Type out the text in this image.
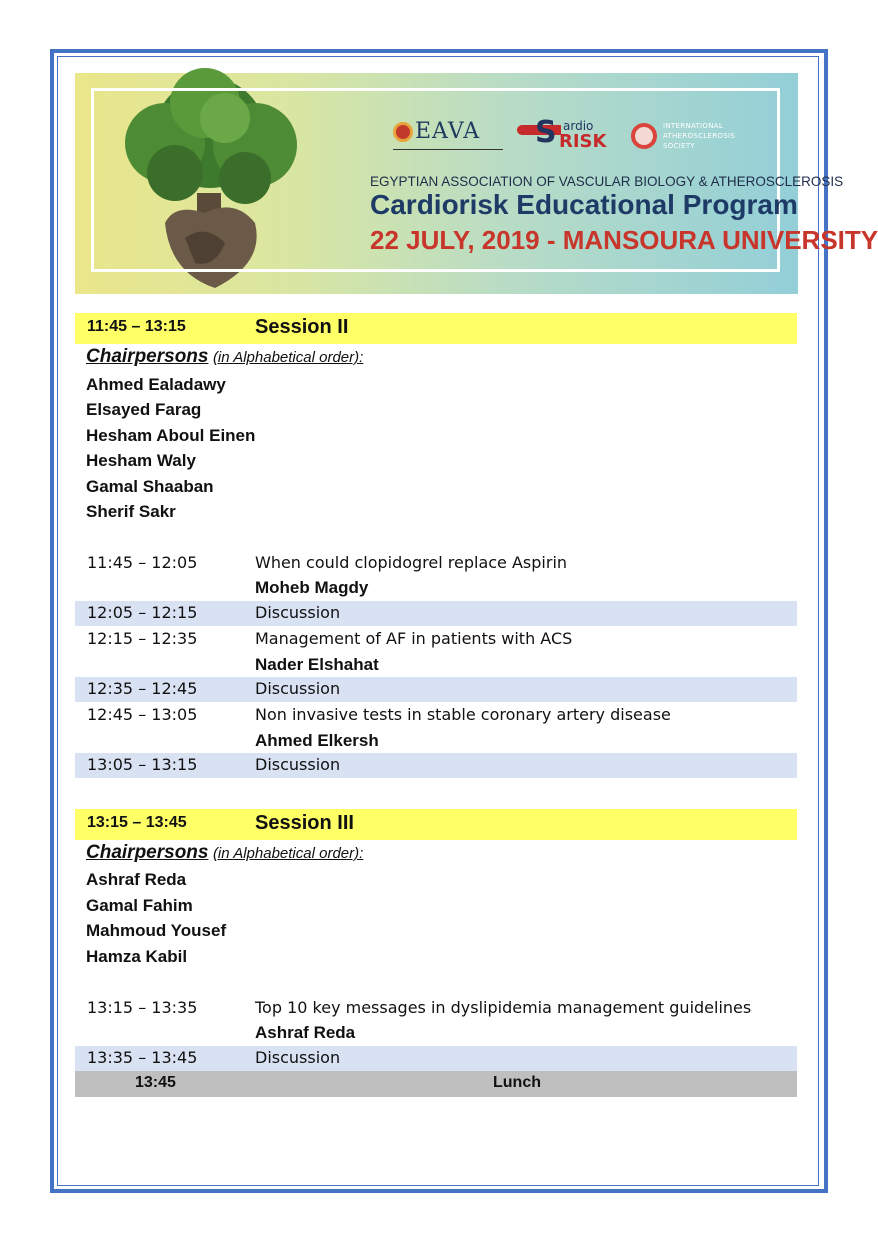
EAVA S ardio
RISK
INTERNATIONAL ATHEROSCLEROSIS SOCIETY
EGYPTIAN ASSOCIATION OF VASCULAR BIOLOGY & ATHEROSCLEROSIS
Cardiorisk Educational Program
22 JULY, 2019 - MANSOURA UNIVERSITY
11:45 – 13:15	Session II
Chairpersons (in Alphabetical order):
Ahmed Ealadawy
Elsayed Farag
Hesham Aboul Einen
Hesham Waly
Gamal Shaaban
Sherif Sakr
11:45 – 12:05	When could clopidogrel replace Aspirin
Moheb Magdy
12:05 – 12:15	Discussion
12:15 – 12:35	Management of AF in patients with ACS
Nader Elshahat
12:35 – 12:45	Discussion
12:45 – 13:05	Non invasive tests in stable coronary artery disease
Ahmed Elkersh
13:05 – 13:15	Discussion
13:15 – 13:45	Session III
Chairpersons (in Alphabetical order):
Ashraf Reda
Gamal Fahim
Mahmoud Yousef
Hamza Kabil
13:15 – 13:35	Top 10 key messages in dyslipidemia management guidelines
Ashraf Reda
13:35 – 13:45	Discussion
13:45	Lunch
